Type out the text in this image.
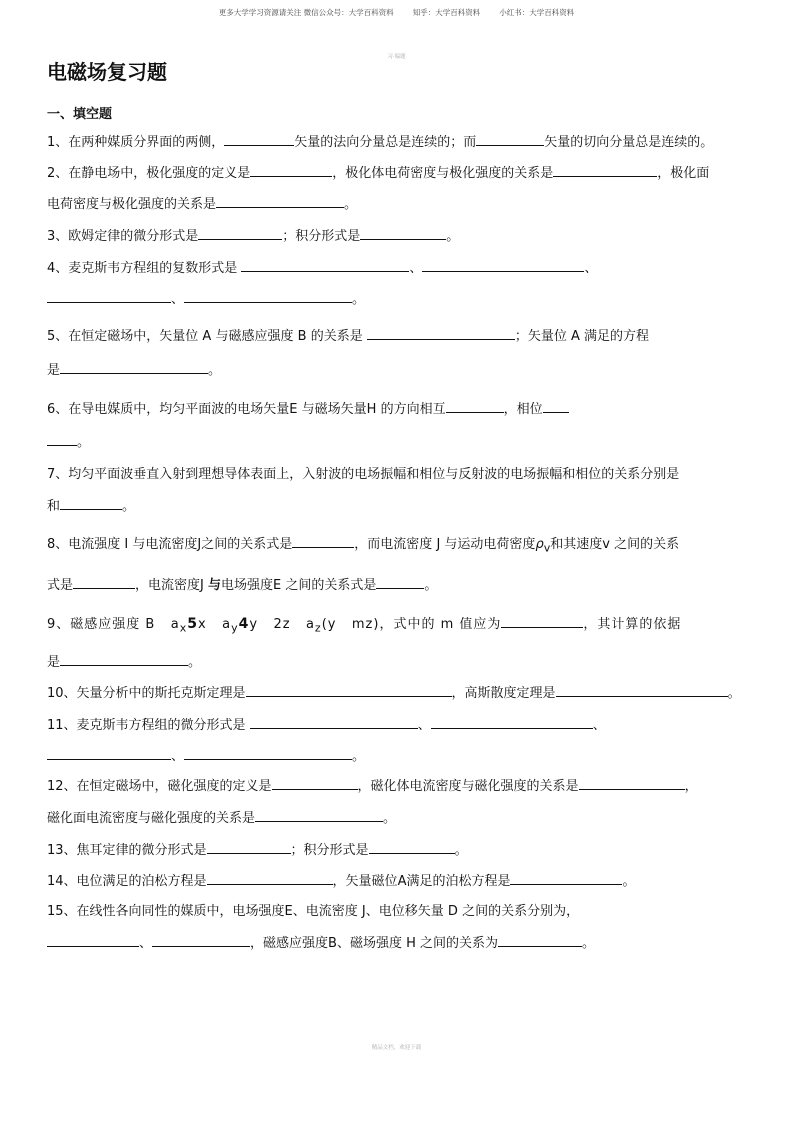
更多大学学习资源请关注 微信公众号：大学百科资料        知乎：大学百科资料        小红书：大学百科资料
习·编题
电磁场复习题
一、填空题
1、在两种媒质分界面的两侧，	矢量的法向分量总是连续的；而	矢量的切向分量总是连续的。
2、在静电场中，极化强度的定义是	，极化体电荷密度与极化强度的关系是	，极化面
电荷密度与极化强度的关系是	。
3、欧姆定律的微分形式是	；积分形式是	。
4、麦克斯韦方程组的复数形式是	、	、
、	。
5、在恒定磁场中，矢量位 A 与磁感应强度 B 的关系是	；矢量位 A 满足的方程
是	。
6、在导电媒质中，均匀平面波的电场矢量E 与磁场矢量H 的方向相互	，相位
。
7、均匀平面波垂直入射到理想导体表面上，入射波的电场振幅和相位与反射波的电场振幅和相位的关系分别是
和	。
8、电流强度 I 与电流密度J之间的关系式是	，而电流密度 J 与运动电荷密度$\rho_v$和其速度v 之间的关系
式是	，电流密度J 与电场强度E 之间的关系式是	。
9、磁感应强度 B $a_x5x$ $a_y4y$ 2z $a_z(y$ mz)，式中的 m 值应为	，其计算的依据
是	。
10、矢量分析中的斯托克斯定理是	，高斯散度定理是	。
11、麦克斯韦方程组的微分形式是	、	、
、	。
12、在恒定磁场中，磁化强度的定义是	，磁化体电流密度与磁化强度的关系是	，
磁化面电流密度与磁化强度的关系是	。
13、焦耳定律的微分形式是	；积分形式是	。
14、电位满足的泊松方程是	，矢量磁位A满足的泊松方程是	。
15、在线性各向同性的媒质中，电场强度E、电流密度 J、电位移矢量 D 之间的关系分别为，
、	，磁感应强度B、磁场强度 H 之间的关系为	。
精品文档，欢迎下载
